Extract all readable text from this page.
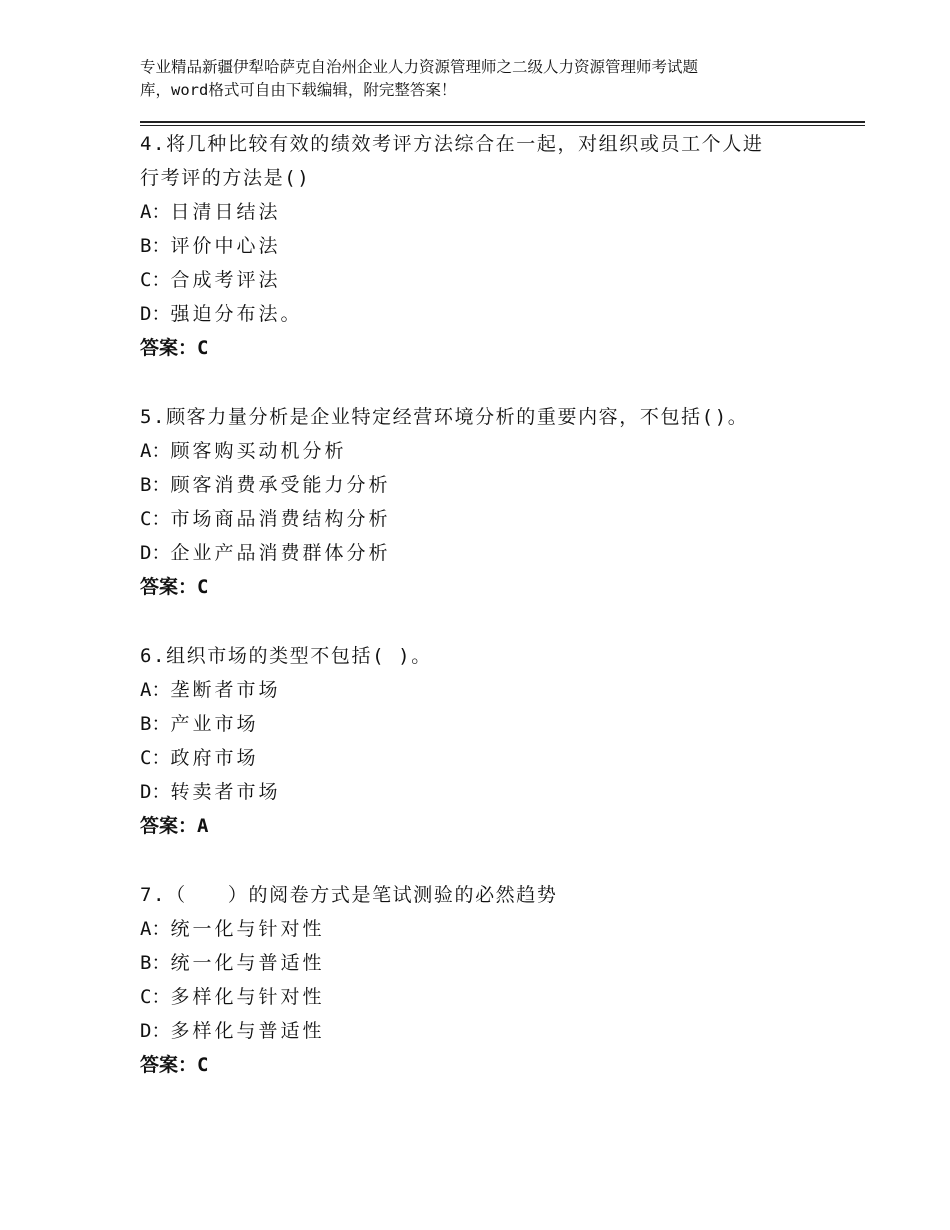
专业精品新疆伊犁哈萨克自治州企业人力资源管理师之二级人力资源管理师考试题
库，word格式可自由下载编辑，附完整答案！
4.将几种比较有效的绩效考评方法综合在一起，对组织或员工个人进
行考评的方法是()
A：日清日结法
B：评价中心法
C：合成考评法
D：强迫分布法。
答案：C
5.顾客力量分析是企业特定经营环境分析的重要内容，不包括()。
A：顾客购买动机分析
B：顾客消费承受能力分析
C：市场商品消费结构分析
D：企业产品消费群体分析
答案：C
6.组织市场的类型不包括( )。
A：垄断者市场
B：产业市场
C：政府市场
D：转卖者市场
答案：A
7.（　　）的阅卷方式是笔试测验的必然趋势
A：统一化与针对性
B：统一化与普适性
C：多样化与针对性
D：多样化与普适性
答案：C
